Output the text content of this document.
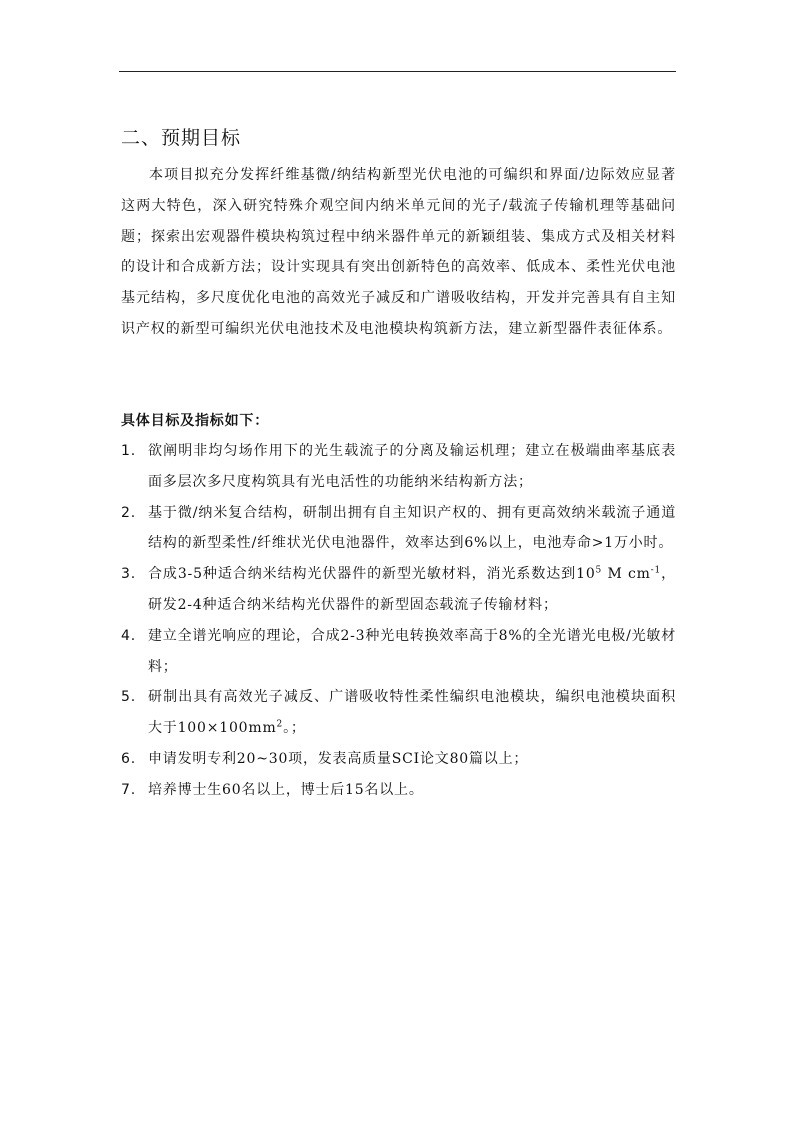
二、预期目标

本项目拟充分发挥纤维基微/纳结构新型光伏电池的可编织和界面/边际效应显著这两大特色，深入研究特殊介观空间内纳米单元间的光子/载流子传输机理等基础问题；探索出宏观器件模块构筑过程中纳米器件单元的新颖组装、集成方式及相关材料的设计和合成新方法；设计实现具有突出创新特色的高效率、低成本、柔性光伏电池基元结构，多尺度优化电池的高效光子减反和广谱吸收结构，开发并完善具有自主知识产权的新型可编织光伏电池技术及电池模块构筑新方法，建立新型器件表征体系。

具体目标及指标如下：
1. 欲阐明非均匀场作用下的光生载流子的分离及输运机理；建立在极端曲率基底表面多层次多尺度构筑具有光电活性的功能纳米结构新方法；
2. 基于微/纳米复合结构，研制出拥有自主知识产权的、拥有更高效纳米载流子通道结构的新型柔性/纤维状光伏电池器件，效率达到6%以上，电池寿命>1万小时。
3. 合成3-5种适合纳米结构光伏器件的新型光敏材料，消光系数达到$10^5$ M $cm^{-1}$，研发2-4种适合纳米结构光伏器件的新型固态载流子传输材料；
4. 建立全谱光响应的理论，合成2-3种光电转换效率高于8%的全光谱光电极/光敏材料；
5. 研制出具有高效光子减反、广谱吸收特性柔性编织电池模块，编织电池模块面积大于$100\times 100mm^2$。；
6. 申请发明专利20~30项，发表高质量SCI论文80篇以上；
7. 培养博士生60名以上，博士后15名以上。
